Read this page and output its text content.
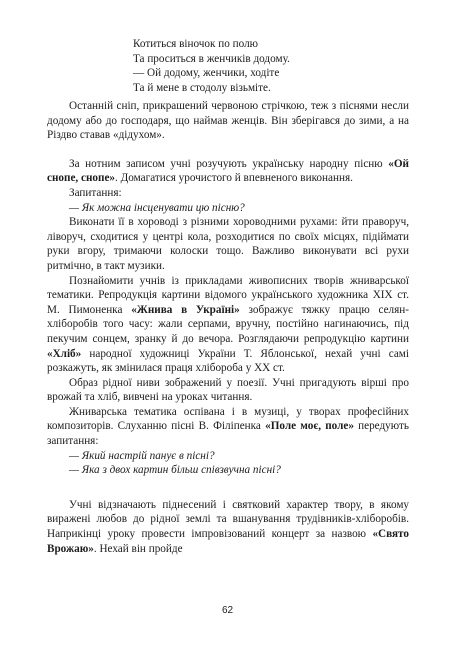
Котиться віночок по полю
Та проситься в женчиків додому.
— Ой додому, женчики, ходіте
Та й мене в стодолу візьміте.

Останній сніп, прикрашений червоною стрічкою, теж з піснями несли додому або до господаря, що наймав женців. Він зберігався до зими, а на Різдво ставав «дідухом».

За нотним записом учні розучують українську народну пісню «Ой снопе, снопе». Домагатися урочистого й впевненого виконання.

Запитання:

— Як можна інсценувати цю пісню?

Виконати її в хороводі з різними хороводними рухами: йти праворуч, ліворуч, сходитися у центрі кола, розходитися по своїх місцях, підіймати руки вгору, тримаючи колоски тощо. Важливо виконувати всі рухи ритмічно, в такт музики.

Познайомити учнів із прикладами живописних творів жниварської тематики. Репродукція картини відомого українського художника XIX ст. М. Пимоненка «Жнива в Україні» зображує тяжку працю селян-хліборобів того часу: жали серпами, вручну, постійно нагинаючись, під пекучим сонцем, зранку й до вечора. Розглядаючи репродукцію картини «Хліб» народної художниці України Т. Яблонської, нехай учні самі розкажуть, як змінилася праця хлібороба у XX ст.

Образ рідної ниви зображений у поезії. Учні пригадують вірші про врожай та хліб, вивчені на уроках читання.

Жниварська тематика оспівана і в музиці, у творах професійних композиторів. Слуханню пісні В. Філіпенка «Поле моє, поле» передують запитання:

— Який настрій панує в пісні?

— Яка з двох картин більш співзвучна пісні?

Учні відзначають піднесений і святковий характер твору, в якому виражені любов до рідної землі та вшанування трудівників-хліборобів. Наприкінці уроку провести імпровізований концерт за назвою «Свято Врожаю». Нехай він пройде

62
